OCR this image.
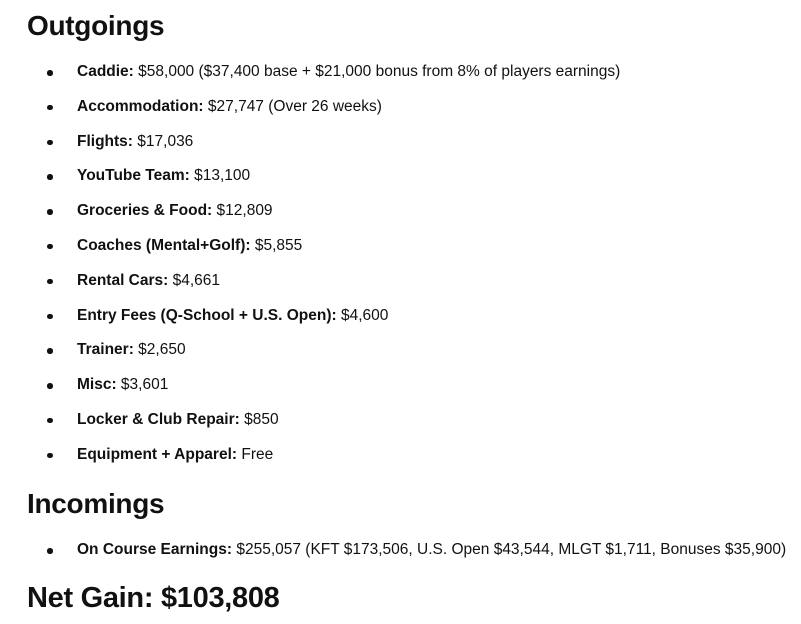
Outgoings
Caddie: $58,000 ($37,400 base + $21,000 bonus from 8% of players earnings)
Accommodation: $27,747 (Over 26 weeks)
Flights: $17,036
YouTube Team: $13,100
Groceries & Food: $12,809
Coaches (Mental+Golf): $5,855
Rental Cars: $4,661
Entry Fees (Q-School + U.S. Open): $4,600
Trainer: $2,650
Misc: $3,601
Locker & Club Repair: $850
Equipment + Apparel: Free
Incomings
On Course Earnings: $255,057 (KFT $173,506, U.S. Open $43,544, MLGT $1,711, Bonuses $35,900)
Net Gain: $103,808
